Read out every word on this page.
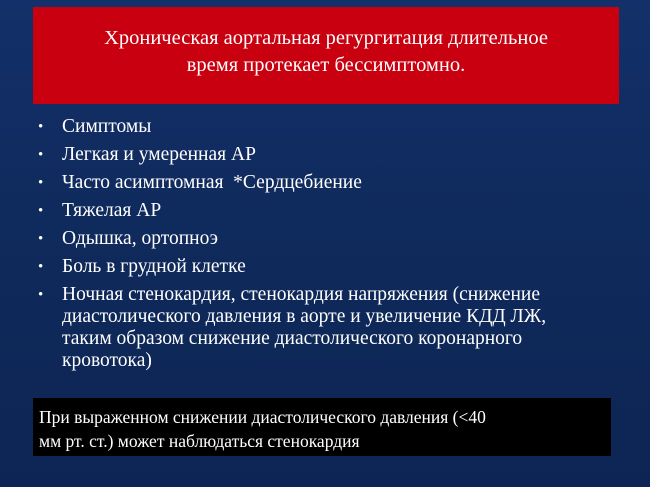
Хроническая аортальная регургитация длительное
время протекает бессимптомно.
• Симптомы
• Легкая и умеренная АР
• Часто асимптомная  *Сердцебиение
• Тяжелая АР
• Одышка, ортопноэ
• Боль в грудной клетке
• Ночная стенокардия, стенокардия напряжения (снижение диастолического давления в аорте и увеличение КДД ЛЖ, таким образом снижение диастолического коронарного кровотока)
При выраженном снижении диастолического давления (<40
мм рт. ст.) может наблюдаться стенокардия
